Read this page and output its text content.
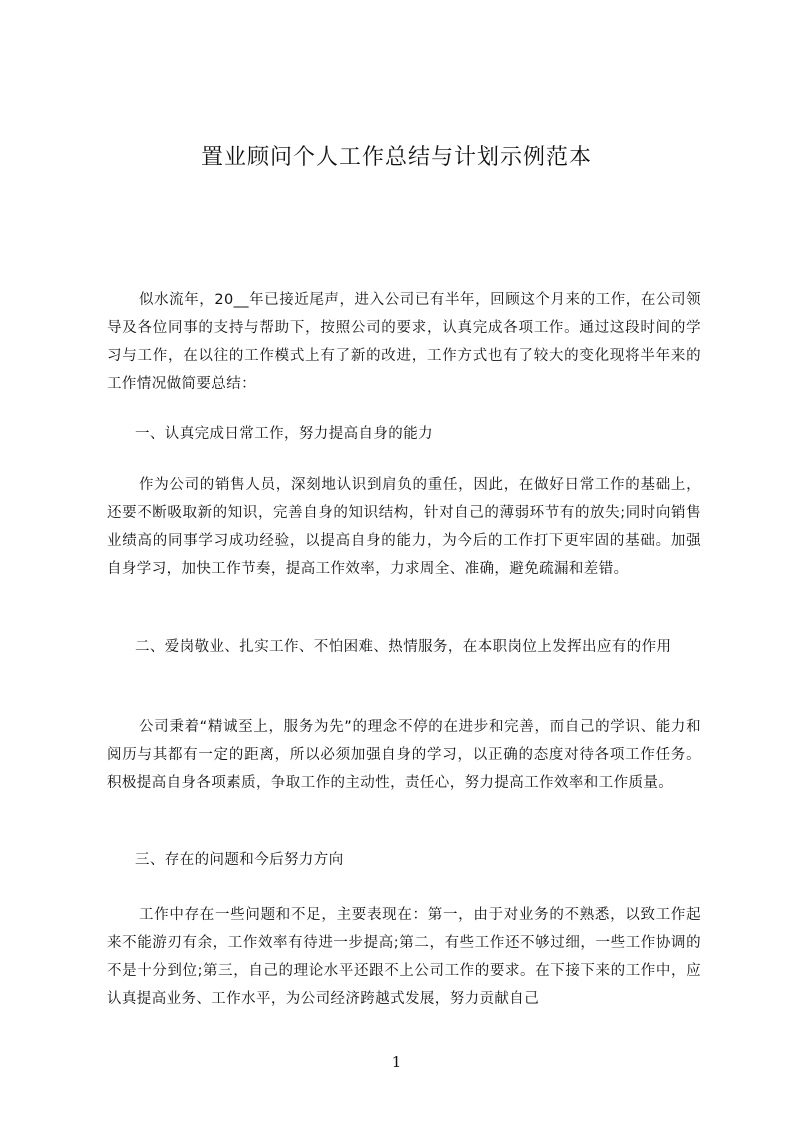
置业顾问个人工作总结与计划示例范本

似水流年，20__年已接近尾声，进入公司已有半年，回顾这个月来的工作，在公司领导及各位同事的支持与帮助下，按照公司的要求，认真完成各项工作。通过这段时间的学习与工作，在以往的工作模式上有了新的改进，工作方式也有了较大的变化现将半年来的工作情况做简要总结：

一、认真完成日常工作，努力提高自身的能力

作为公司的销售人员，深刻地认识到肩负的重任，因此，在做好日常工作的基础上，还要不断吸取新的知识，完善自身的知识结构，针对自己的薄弱环节有的放失;同时向销售业绩高的同事学习成功经验，以提高自身的能力，为今后的工作打下更牢固的基础。加强自身学习，加快工作节奏，提高工作效率，力求周全、准确，避免疏漏和差错。

二、爱岗敬业、扎实工作、不怕困难、热情服务，在本职岗位上发挥出应有的作用

公司秉着“精诚至上，服务为先”的理念不停的在进步和完善，而自己的学识、能力和阅历与其都有一定的距离，所以必须加强自身的学习，以正确的态度对待各项工作任务。积极提高自身各项素质，争取工作的主动性，责任心，努力提高工作效率和工作质量。

三、存在的问题和今后努力方向

工作中存在一些问题和不足，主要表现在：第一，由于对业务的不熟悉，以致工作起来不能游刃有余，工作效率有待进一步提高;第二，有些工作还不够过细，一些工作协调的不是十分到位;第三，自己的理论水平还跟不上公司工作的要求。在下接下来的工作中，应认真提高业务、工作水平，为公司经济跨越式发展，努力贡献自己

1
